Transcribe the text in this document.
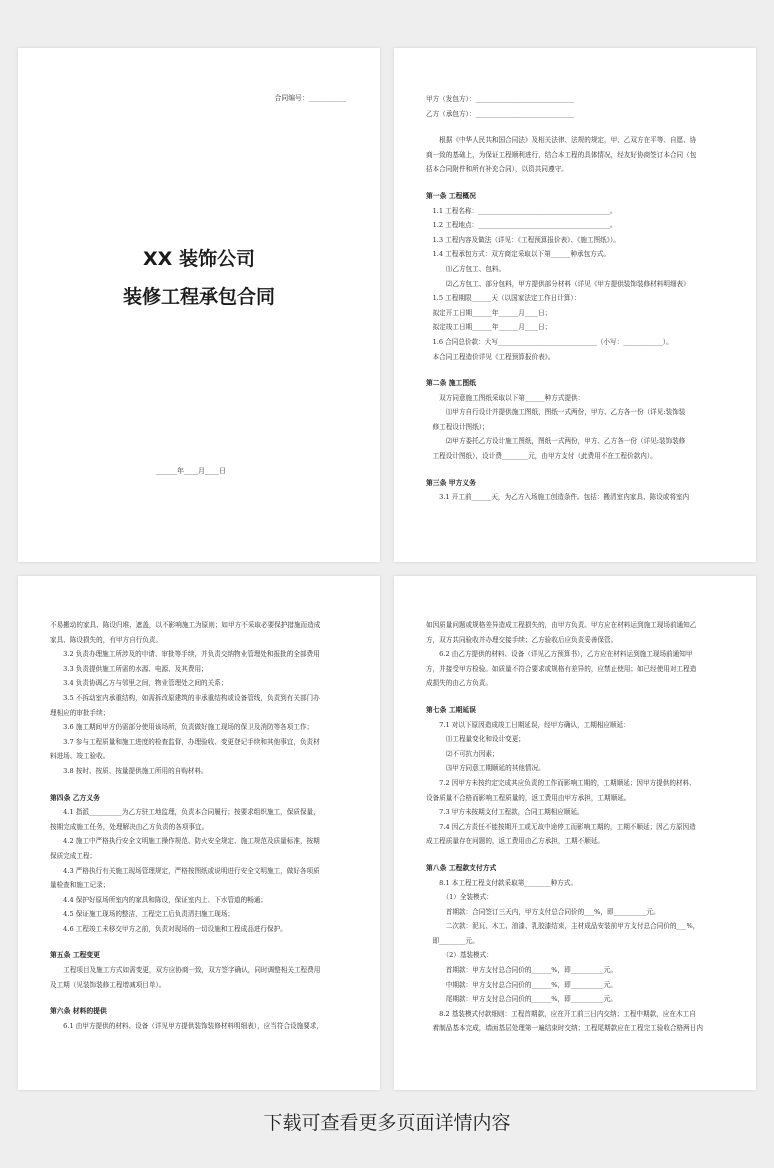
合同编号：___________
XX 装饰公司
装修工程承包合同
______年____月____日
甲方（发包方）：______________________________
乙方（承包方）：______________________________
　　根据《中华人民共和国合同法》及相关法律、法规的规定，甲、乙双方在平等、自愿、协
商一致的基础上，为保证工程顺利进行，结合本工程的具体情况，经友好协商签订本合同（包
括本合同附件和所有补充合同），以资共同遵守。
第一条 工程概况
　1.1 工程名称：________________________________________。
　1.2 工程地点：________________________________________。
　1.3 工程内容及做法（详见：《工程预算报价表》、《施工图纸》）。
　1.4 工程承包方式：双方商定采取以下第______种承包方式。
　　　⑴乙方包工、包料。
　　　⑵乙方包工、部分包料，甲方提供部分材料（详见《甲方提供装饰装修材料明细表》
　1.5 工程期限______天（以国家法定工作日计算）：
　拟定开工日期______年______月____日；
　拟定竣工日期______年______月____日；
　1.6 合同总价款：大写______________________________（小写：____________）。
　本合同工程造价详见《工程预算报价表》。
第二条 施工图纸
　　双方同意施工图纸采取以下第______种方式提供：
　　　⑴甲方自行设计并提供施工图纸，图纸一式两份，甲方、乙方各一份（详见:装饰装
　修工程设计图纸）；
　　　⑵甲方委托乙方设计施工图纸，图纸一式两份，甲方、乙方各一份（详见:装饰装修
　工程设计图纸），设计费________元，由甲方支付（此费用不在工程价款内）。
第三条 甲方义务
　　3.1 开工前______天，为乙方入场施工创造条件。包括：搬清室内家具、陈设或将室内
不易搬动的家具、陈设归堆、遮盖，以不影响施工为原则；如甲方不采取必要保护措施而造成
家具、陈设损失的，有甲方自行负责。
　　3.2 负责办理施工所涉及的申请、审批等手续，并负责交纳物业管理处和报批的全部费用
　　3.3 负责提供施工所需的水源、电源、及其费用；
　　3.4 负责协调乙方与邻里之间，物业管理处之间的关系；
　　3.5 不拆动室内承重结构，如需拆改原建筑的非承重结构或设备管线，负责到有关部门办
理相应的审批手续；
　　3.6 施工期间甲方仍需部分使用该场所，负责做好施工现场的保卫及消防等各项工作；
　　3.7 参与工程质量和施工进度的检查监督，办理验收、变更登记手续和其他事宜，负责材
料进场、竣工验收。
　　3.8 按时、按质、按量提供施工所用的自购材料。
第四条 乙方义务
　　4.1 指派__________为乙方驻工地监理，负责本合同履行；按要求组织施工，保质保量，
按期完成施工任务，处理解决由乙方负责的各项事宜。
　　4.2 施工中严格执行安全文明施工操作规范、防火安全规定、施工规范及质量标准，按期
保质完成工程；
　　4.3 严格执行有关施工现场管理规定，严格按图纸或说明进行安全文明施工，做好各项质
量检查和施工记录；
　　4.4 保护好原场所室内的家具和陈设，保证室内上、下水管道的畅通；
　　4.5 保证施工现场的整洁，工程完工后负责清扫施工现场；
　　4.6 工程竣工未移交甲方之前，负责对现场的一切设施和工程成品进行保护。
第五条 工程变更
　　工程项目及施工方式如需变更，双方应协商一致，双方签字确认，同时调整相关工程费用
及工期（见装饰装修工程增减项目单）。
第六条 材料的提供
　　6.1 由甲方提供的材料、设备（详见甲方提供装饰装修材料明细表），应当符合设施要求，
如因质量问题或规格差异造成工程损失的，由甲方负责。甲方应在材料运到施工现场前通知乙
方，双方共同验收并办理交接手续；乙方验收后应负责妥善保管。
　　6.2 由乙方提供的材料、设备（详见乙方预算书），乙方应在材料运到施工现场前通知甲
方，并接受甲方检验。如质量不符合要求或规格有差异的，应禁止使用；如已经使用对工程造
成损失的由乙方负责。
第七条 工期延误
　　7.1 对以下原因造成竣工日期延误，经甲方确认，工期相应顺延：
　　　⑴工程量变化和设计变更；
　　　⑵不可抗力因素；
　　　⑶甲方同意工期顺延的其他情况。
　　7.2 因甲方未按约定完成其应负责的工作而影响工期的，工期顺延；因甲方提供的材料、
设备质量不合格而影响工程质量的，返工费用由甲方承担，工期顺延。
　　7.3 甲方未按期支付工程款，合同工期相应顺延。
　　7.4 因乙方责任不能按期开工或无故中途停工而影响工期的，工期不顺延；因乙方原因造
成工程质量存在问题的，返工费用由乙方承担，工期不顺延。
第八条 工程款支付方式
　　8.1 本工程工程支付款采取第________种方式。
　　　（1）全装模式：
　　　首期款：合同签订三天内，甲方支付总合同价的___%，即__________元。
　　　二次款：泥瓦、木工、油漆、乳胶漆结束，主材成品安装前甲方支付总合同价的___%，
　即________元。
　　　（2）基装模式：
　　　首期款：甲方支付总合同价的______%，即__________元。
　　　中期款：甲方支付总合同价的______%，即__________元。
　　　尾期款：甲方支付总合同价的______%，即__________元。
　　8.2 基装模式付款细则：工程首期款，应在开工前三日内交纳；工程中期款，应在木工自
　着制品基本完成，墙面基层处理第一遍结束时交纳；工程尾期款应在工程完工验收合格两日内
下载可查看更多页面详情内容
